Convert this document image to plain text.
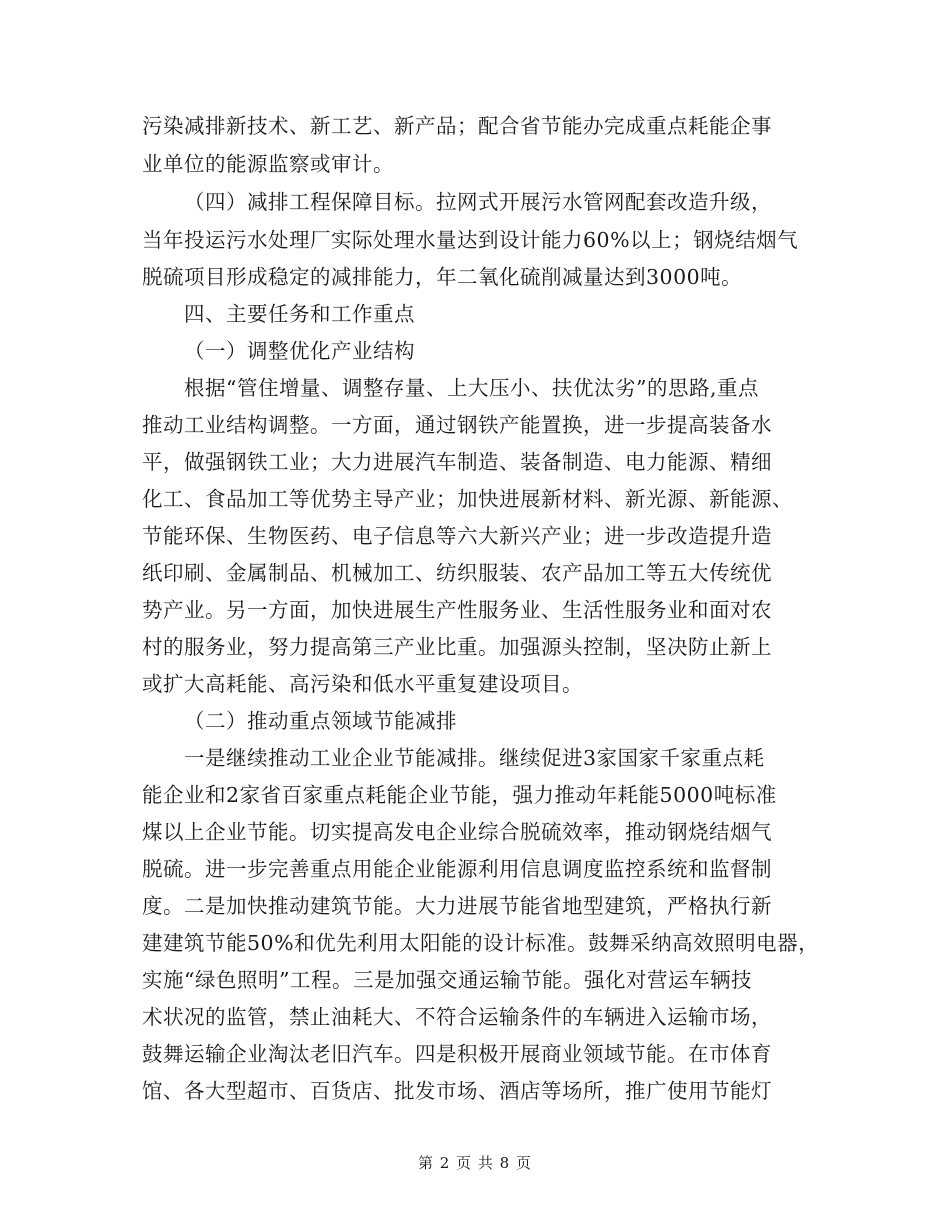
污染减排新技术、新工艺、新产品；配合省节能办完成重点耗能企事
业单位的能源监察或审计。
（四）减排工程保障目标。拉网式开展污水管网配套改造升级，
当年投运污水处理厂实际处理水量达到设计能力60%以上；钢烧结烟气
脱硫项目形成稳定的减排能力，年二氧化硫削减量达到3000吨。
四、主要任务和工作重点
（一）调整优化产业结构
根据“管住增量、调整存量、上大压小、扶优汰劣”的思路,重点
推动工业结构调整。一方面，通过钢铁产能置换，进一步提高装备水
平，做强钢铁工业；大力进展汽车制造、装备制造、电力能源、精细
化工、食品加工等优势主导产业；加快进展新材料、新光源、新能源、
节能环保、生物医药、电子信息等六大新兴产业；进一步改造提升造
纸印刷、金属制品、机械加工、纺织服装、农产品加工等五大传统优
势产业。另一方面，加快进展生产性服务业、生活性服务业和面对农
村的服务业，努力提高第三产业比重。加强源头控制，坚决防止新上
或扩大高耗能、高污染和低水平重复建设项目。
（二）推动重点领域节能减排
一是继续推动工业企业节能减排。继续促进3家国家千家重点耗
能企业和2家省百家重点耗能企业节能，强力推动年耗能5000吨标准
煤以上企业节能。切实提高发电企业综合脱硫效率，推动钢烧结烟气
脱硫。进一步完善重点用能企业能源利用信息调度监控系统和监督制
度。二是加快推动建筑节能。大力进展节能省地型建筑，严格执行新
建建筑节能50%和优先利用太阳能的设计标准。鼓舞采纳高效照明电器，
实施“绿色照明”工程。三是加强交通运输节能。强化对营运车辆技
术状况的监管，禁止油耗大、不符合运输条件的车辆进入运输市场，
鼓舞运输企业淘汰老旧汽车。四是积极开展商业领域节能。在市体育
馆、各大型超市、百货店、批发市场、酒店等场所，推广使用节能灯
第 2 页 共 8 页
